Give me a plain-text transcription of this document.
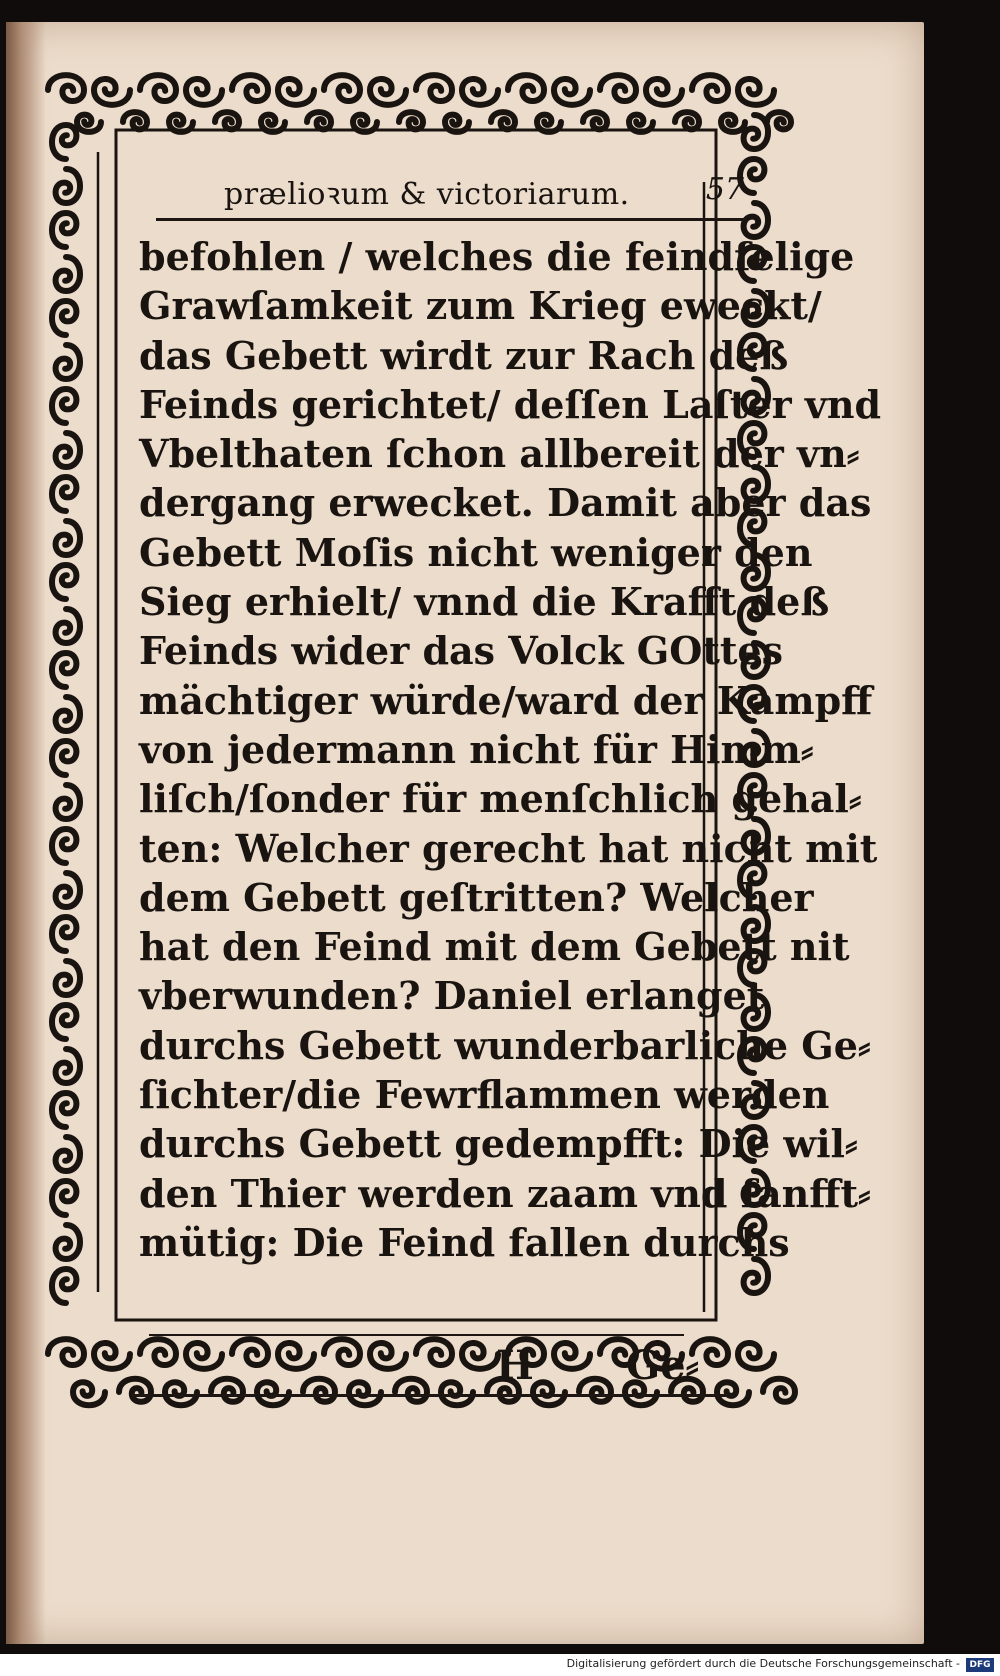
prælioꝛum & victoriarum.	57
befohlen / welches die feindſelige
Grawſamkeit zum Krieg eweckt/
das Gebett wirdt zur Rach deß
Feinds gerichtet/ deſſen Laſter vnd
Vbelthaten ſchon allbereit der vn⸗
dergang erwecket. Damit aber das
Gebett Moſis nicht weniger den
Sieg erhielt/ vnnd die Krafft deß
Feinds wider das Volck GOttes
mächtiger würde/ward der Kampff
von jedermann nicht für Himm⸗
liſch/ſonder für menſchlich gehal⸗
ten: Welcher gerecht hat nicht mit
dem Gebett geſtritten? Welcher
hat den Feind mit dem Gebett nit
vberwunden? Daniel erlanget
durchs Gebett wunderbarliche Ge⸗
ſichter/die Fewrflammen werden
durchs Gebett gedempfft: Die wil⸗
den Thier werden zaam vnd ſanfft⸗
mütig: Die Feind fallen durchs
H Ge⸗
Digitalisierung gefördert durch die Deutsche Forschungsgemeinschaft -	DFG
